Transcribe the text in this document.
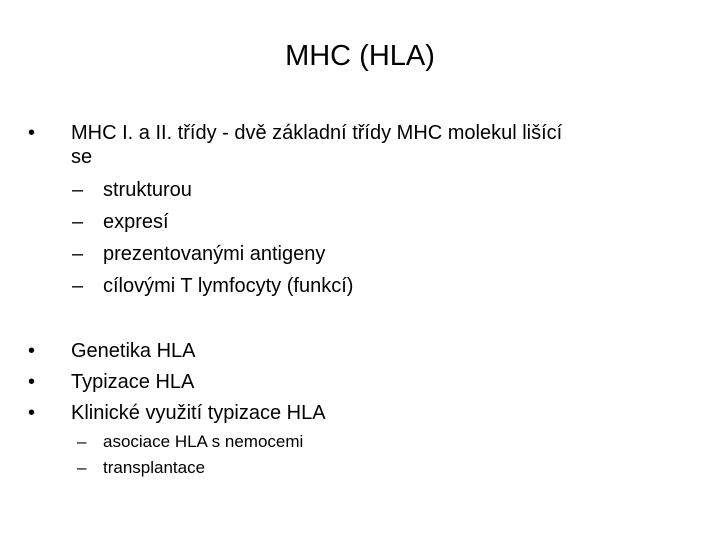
MHC (HLA)
• MHC I. a II. třídy - dvě základní třídy MHC molekul lišící
se
– strukturou
– expresí
– prezentovanými antigeny
– cílovými T lymfocyty (funkcí)
• Genetika HLA
• Typizace HLA
• Klinické využití typizace HLA
– asociace HLA s nemocemi
– transplantace
